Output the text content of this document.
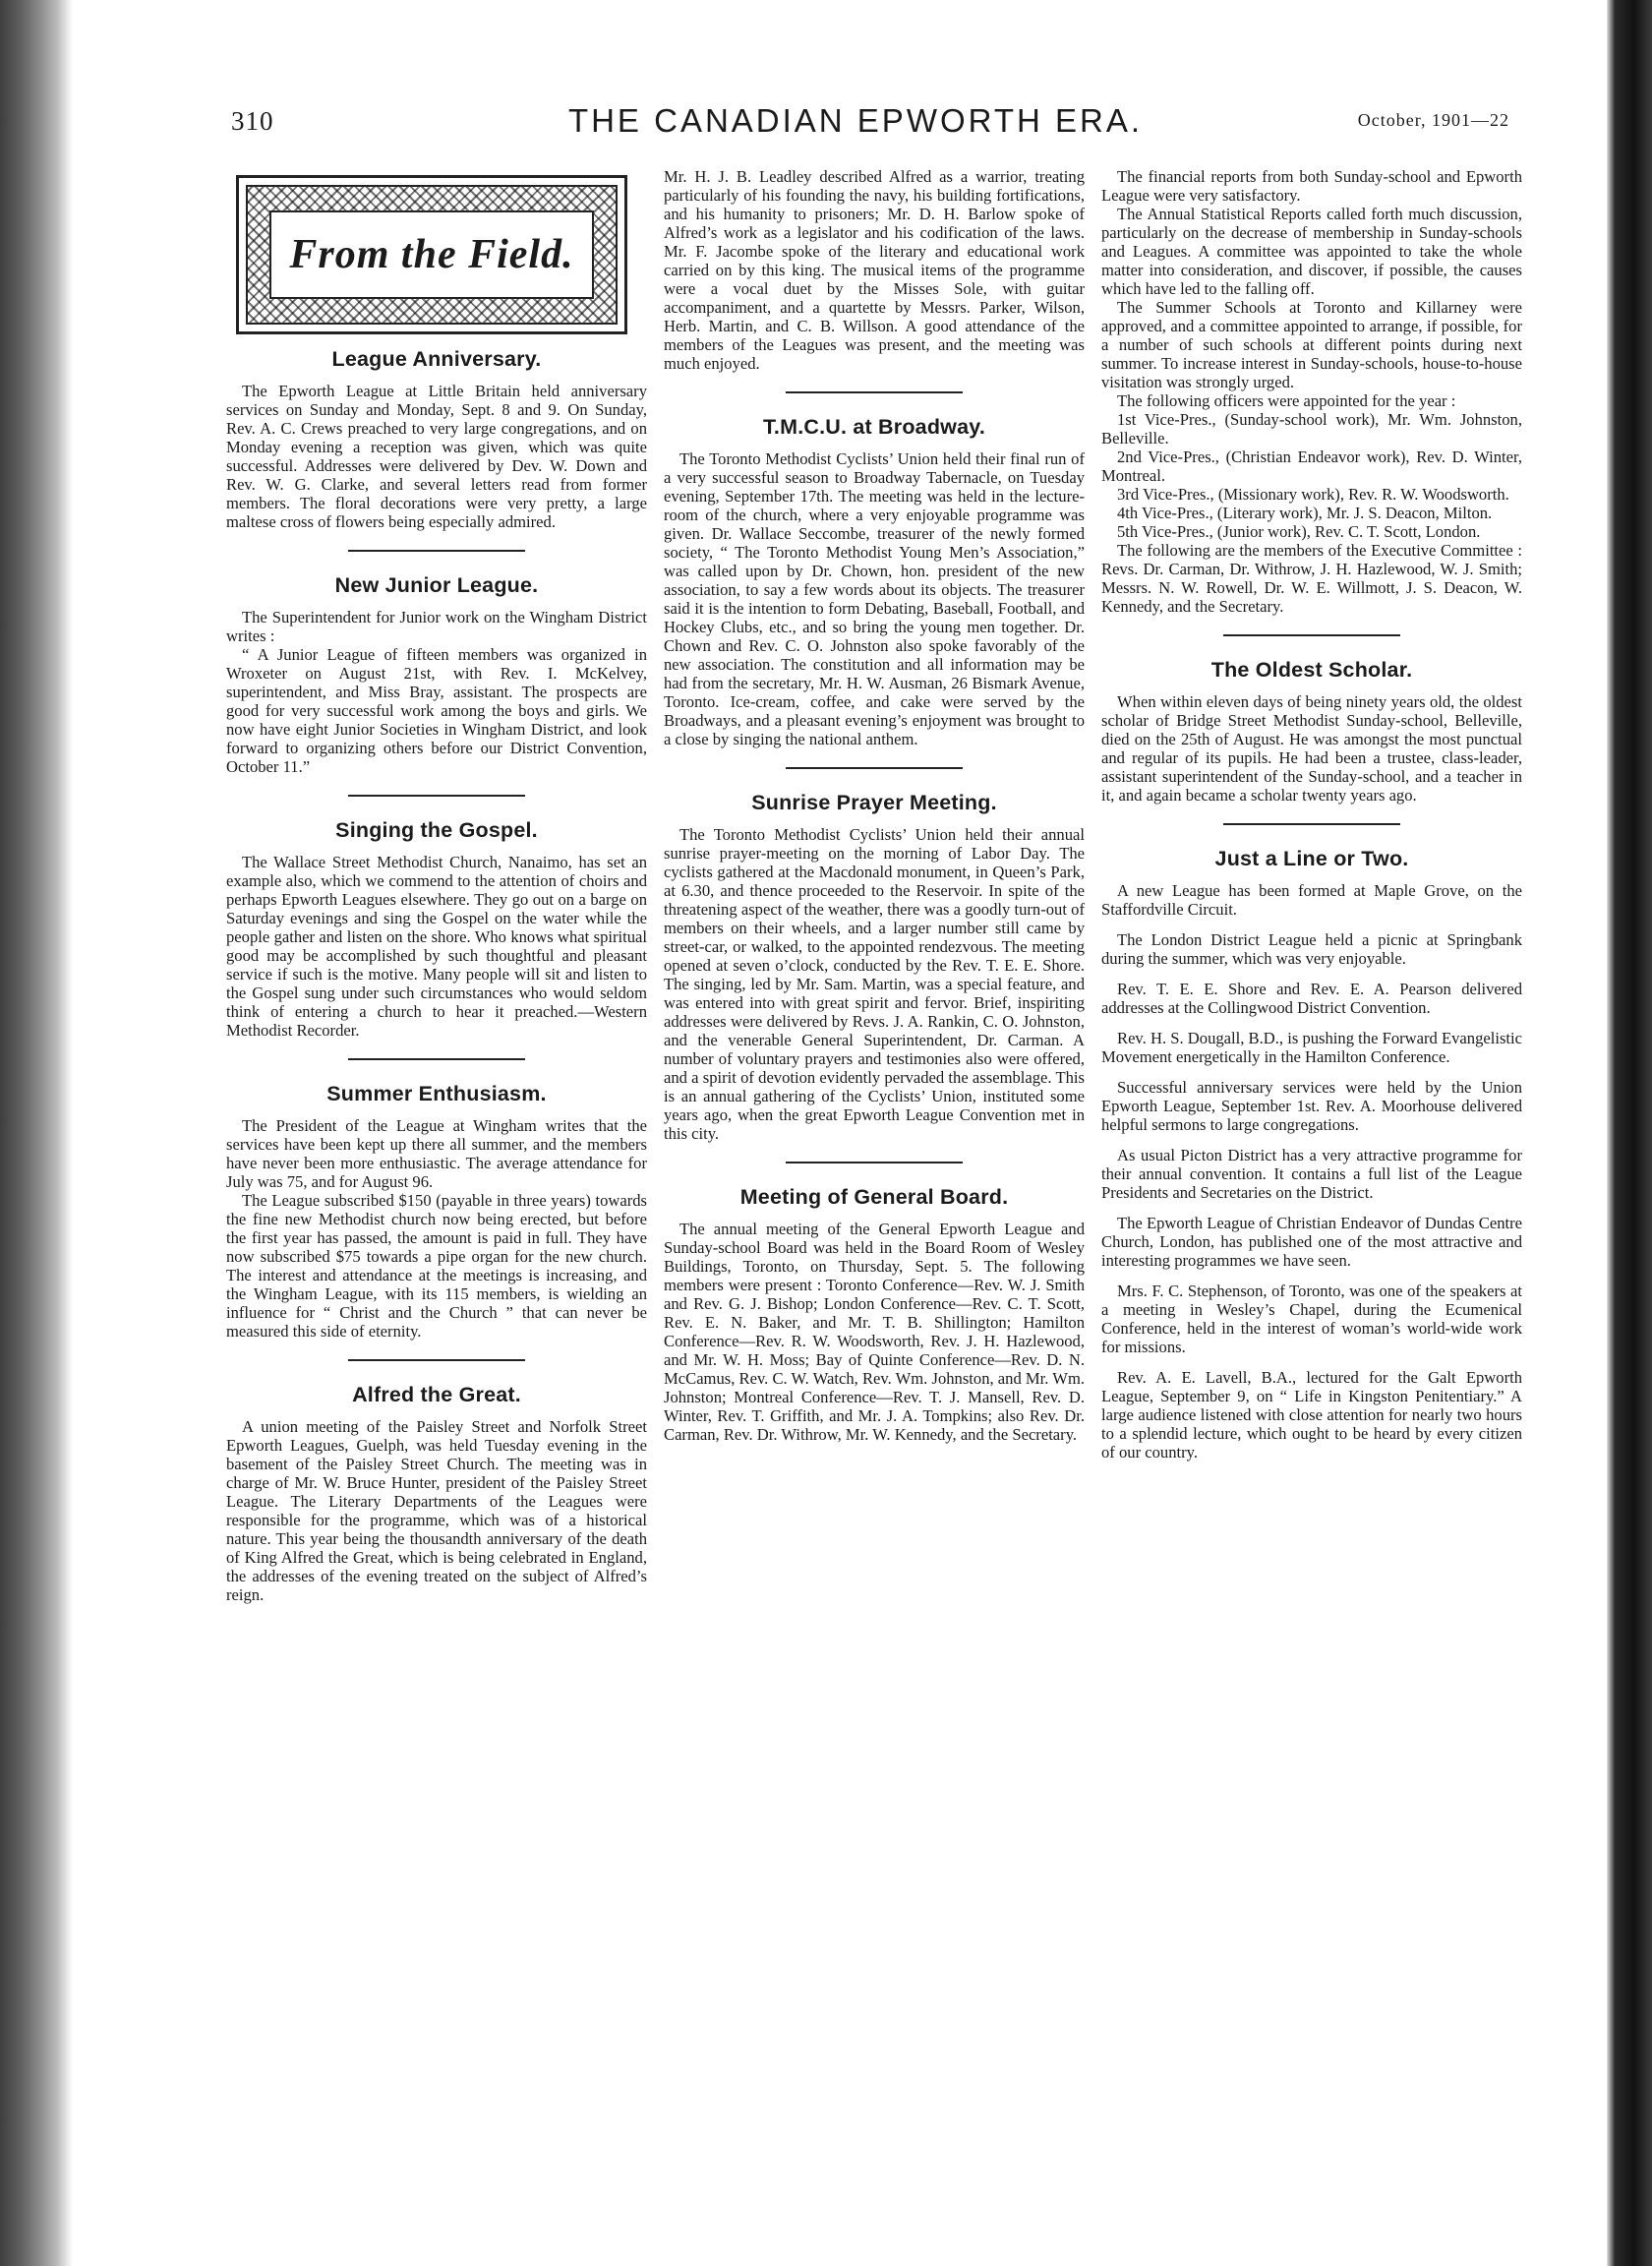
310	THE CANADIAN EPWORTH ERA.	October, 1901—22
From the Field.
League Anniversary.

The Epworth League at Little Britain held anniversary services on Sunday and Monday, Sept. 8 and 9. On Sunday, Rev. A. C. Crews preached to very large congregations, and on Monday evening a reception was given, which was quite successful. Addresses were delivered by Dev. W. Down and Rev. W. G. Clarke, and several letters read from former members. The floral decorations were very pretty, a large maltese cross of flowers being especially admired.

New Junior League.

The Superintendent for Junior work on the Wingham District writes :

“ A Junior League of fifteen members was organized in Wroxeter on August 21st, with Rev. I. McKelvey, superintendent, and Miss Bray, assistant. The prospects are good for very successful work among the boys and girls. We now have eight Junior Societies in Wingham District, and look forward to organizing others before our District Convention, October 11.”

Singing the Gospel.

The Wallace Street Methodist Church, Nanaimo, has set an example also, which we commend to the attention of choirs and perhaps Epworth Leagues elsewhere. They go out on a barge on Saturday evenings and sing the Gospel on the water while the people gather and listen on the shore. Who knows what spiritual good may be accomplished by such thoughtful and pleasant service if such is the motive. Many people will sit and listen to the Gospel sung under such circumstances who would seldom think of entering a church to hear it preached.—Western Methodist Recorder.

Summer Enthusiasm.

The President of the League at Wingham writes that the services have been kept up there all summer, and the members have never been more enthusiastic. The average attendance for July was 75, and for August 96.

The League subscribed $150 (payable in three years) towards the fine new Methodist church now being erected, but before the first year has passed, the amount is paid in full. They have now subscribed $75 towards a pipe organ for the new church. The interest and attendance at the meetings is increasing, and the Wingham League, with its 115 members, is wielding an influence for “ Christ and the Church ” that can never be measured this side of eternity.

Alfred the Great.

A union meeting of the Paisley Street and Norfolk Street Epworth Leagues, Guelph, was held Tuesday evening in the basement of the Paisley Street Church. The meeting was in charge of Mr. W. Bruce Hunter, president of the Paisley Street League. The Literary Departments of the Leagues were responsible for the programme, which was of a historical nature. This year being the thousandth anniversary of the death of King Alfred the Great, which is being celebrated in England, the addresses of the evening treated on the subject of Alfred’s reign.

Mr. H. J. B. Leadley described Alfred as a warrior, treating particularly of his founding the navy, his building fortifications, and his humanity to prisoners; Mr. D. H. Barlow spoke of Alfred’s work as a legislator and his codification of the laws. Mr. F. Jacombe spoke of the literary and educational work carried on by this king. The musical items of the programme were a vocal duet by the Misses Sole, with guitar accompaniment, and a quartette by Messrs. Parker, Wilson, Herb. Martin, and C. B. Willson. A good attendance of the members of the Leagues was present, and the meeting was much enjoyed.

T.M.C.U. at Broadway.

The Toronto Methodist Cyclists’ Union held their final run of a very successful season to Broadway Tabernacle, on Tuesday evening, September 17th. The meeting was held in the lecture-room of the church, where a very enjoyable programme was given. Dr. Wallace Seccombe, treasurer of the newly formed society, “ The Toronto Methodist Young Men’s Association,” was called upon by Dr. Chown, hon. president of the new association, to say a few words about its objects. The treasurer said it is the intention to form Debating, Baseball, Football, and Hockey Clubs, etc., and so bring the young men together. Dr. Chown and Rev. C. O. Johnston also spoke favorably of the new association. The constitution and all information may be had from the secretary, Mr. H. W. Ausman, 26 Bismark Avenue, Toronto. Ice-cream, coffee, and cake were served by the Broadways, and a pleasant evening’s enjoyment was brought to a close by singing the national anthem.

Sunrise Prayer Meeting.

The Toronto Methodist Cyclists’ Union held their annual sunrise prayer-meeting on the morning of Labor Day. The cyclists gathered at the Macdonald monument, in Queen’s Park, at 6.30, and thence proceeded to the Reservoir. In spite of the threatening aspect of the weather, there was a goodly turn-out of members on their wheels, and a larger number still came by street-car, or walked, to the appointed rendezvous. The meeting opened at seven o’clock, conducted by the Rev. T. E. E. Shore. The singing, led by Mr. Sam. Martin, was a special feature, and was entered into with great spirit and fervor. Brief, inspiriting addresses were delivered by Revs. J. A. Rankin, C. O. Johnston, and the venerable General Superintendent, Dr. Carman. A number of voluntary prayers and testimonies also were offered, and a spirit of devotion evidently pervaded the assemblage. This is an annual gathering of the Cyclists’ Union, instituted some years ago, when the great Epworth League Convention met in this city.

Meeting of General Board.

The annual meeting of the General Epworth League and Sunday-school Board was held in the Board Room of Wesley Buildings, Toronto, on Thursday, Sept. 5. The following members were present : Toronto Conference—Rev. W. J. Smith and Rev. G. J. Bishop; London Conference—Rev. C. T. Scott, Rev. E. N. Baker, and Mr. T. B. Shillington; Hamilton Conference—Rev. R. W. Woodsworth, Rev. J. H. Hazlewood, and Mr. W. H. Moss; Bay of Quinte Conference—Rev. D. N. McCamus, Rev. C. W. Watch, Rev. Wm. Johnston, and Mr. Wm. Johnston; Montreal Conference—Rev. T. J. Mansell, Rev. D. Winter, Rev. T. Griffith, and Mr. J. A. Tompkins; also Rev. Dr. Carman, Rev. Dr. Withrow, Mr. W. Kennedy, and the Secretary.

The financial reports from both Sunday-school and Epworth League were very satisfactory.

The Annual Statistical Reports called forth much discussion, particularly on the decrease of membership in Sunday-schools and Leagues. A committee was appointed to take the whole matter into consideration, and discover, if possible, the causes which have led to the falling off.

The Summer Schools at Toronto and Killarney were approved, and a committee appointed to arrange, if possible, for a number of such schools at different points during next summer. To increase interest in Sunday-schools, house-to-house visitation was strongly urged.

The following officers were appointed for the year :

1st Vice-Pres., (Sunday-school work), Mr. Wm. Johnston, Belleville.

2nd Vice-Pres., (Christian Endeavor work), Rev. D. Winter, Montreal.

3rd Vice-Pres., (Missionary work), Rev. R. W. Woodsworth.

4th Vice-Pres., (Literary work), Mr. J. S. Deacon, Milton.

5th Vice-Pres., (Junior work), Rev. C. T. Scott, London.

The following are the members of the Executive Committee : Revs. Dr. Carman, Dr. Withrow, J. H. Hazlewood, W. J. Smith; Messrs. N. W. Rowell, Dr. W. E. Willmott, J. S. Deacon, W. Kennedy, and the Secretary.

The Oldest Scholar.

When within eleven days of being ninety years old, the oldest scholar of Bridge Street Methodist Sunday-school, Belleville, died on the 25th of August. He was amongst the most punctual and regular of its pupils. He had been a trustee, class-leader, assistant superintendent of the Sunday-school, and a teacher in it, and again became a scholar twenty years ago.

Just a Line or Two.

A new League has been formed at Maple Grove, on the Staffordville Circuit.

The London District League held a picnic at Springbank during the summer, which was very enjoyable.

Rev. T. E. E. Shore and Rev. E. A. Pearson delivered addresses at the Collingwood District Convention.

Rev. H. S. Dougall, B.D., is pushing the Forward Evangelistic Movement energetically in the Hamilton Conference.

Successful anniversary services were held by the Union Epworth League, September 1st. Rev. A. Moorhouse delivered helpful sermons to large congregations.

As usual Picton District has a very attractive programme for their annual convention. It contains a full list of the League Presidents and Secretaries on the District.

The Epworth League of Christian Endeavor of Dundas Centre Church, London, has published one of the most attractive and interesting programmes we have seen.

Mrs. F. C. Stephenson, of Toronto, was one of the speakers at a meeting in Wesley’s Chapel, during the Ecumenical Conference, held in the interest of woman’s world-wide work for missions.

Rev. A. E. Lavell, B.A., lectured for the Galt Epworth League, September 9, on “ Life in Kingston Penitentiary.” A large audience listened with close attention for nearly two hours to a splendid lecture, which ought to be heard by every citizen of our country.
